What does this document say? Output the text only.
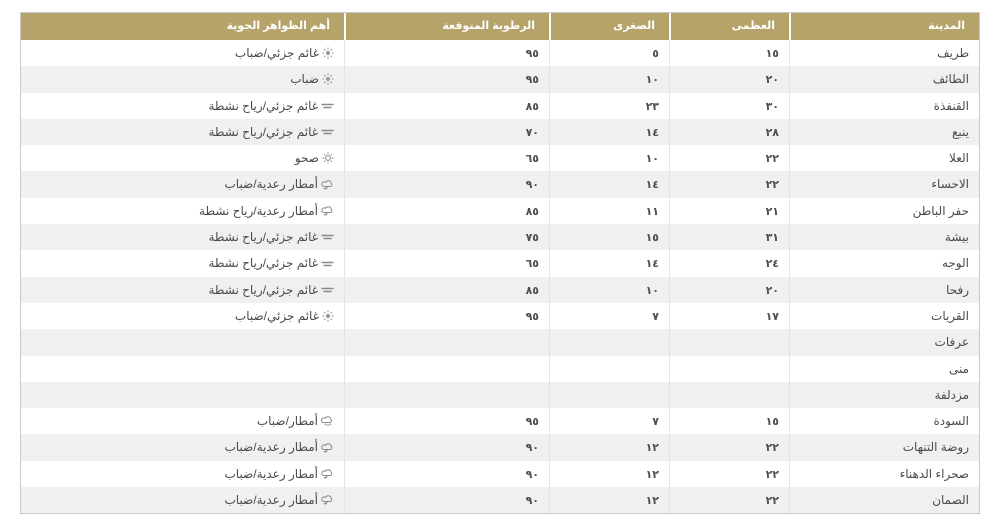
المدينة
العظمى
الصغرى
الرطوبة المتوقعة
أهم الظواهر الجوية
طريف
١٥
٥
٩٥
غائم جزئي/ضباب
الطائف
٢٠
١٠
٩٥
ضباب
القنفذة
٣٠
٢٣
٨٥
غائم جزئي/رياح نشطة
ينبع
٢٨
١٤
٧٠
غائم جزئي/رياح نشطة
العلا
٢٢
١٠
٦٥
صحو
الاحساء
٢٢
١٤
٩٠
أمطار رعدية/ضباب
حفر الباطن
٢١
١١
٨٥
أمطار رعدية/رياح نشطة
بيشة
٣١
١٥
٧٥
غائم جزئي/رياح نشطة
الوجه
٢٤
١٤
٦٥
غائم جزئي/رياح نشطة
رفحا
٢٠
١٠
٨٥
غائم جزئي/رياح نشطة
القريات
١٧
٧
٩٥
غائم جزئي/ضباب
عرفات
منى
مزدلفة
السودة
١٥
٧
٩٥
أمطار/ضباب
روضة التنهات
٢٢
١٢
٩٠
أمطار رعدية/ضباب
صحراء الدهناء
٢٢
١٢
٩٠
أمطار رعدية/ضباب
الصمان
٢٢
١٢
٩٠
أمطار رعدية/ضباب
